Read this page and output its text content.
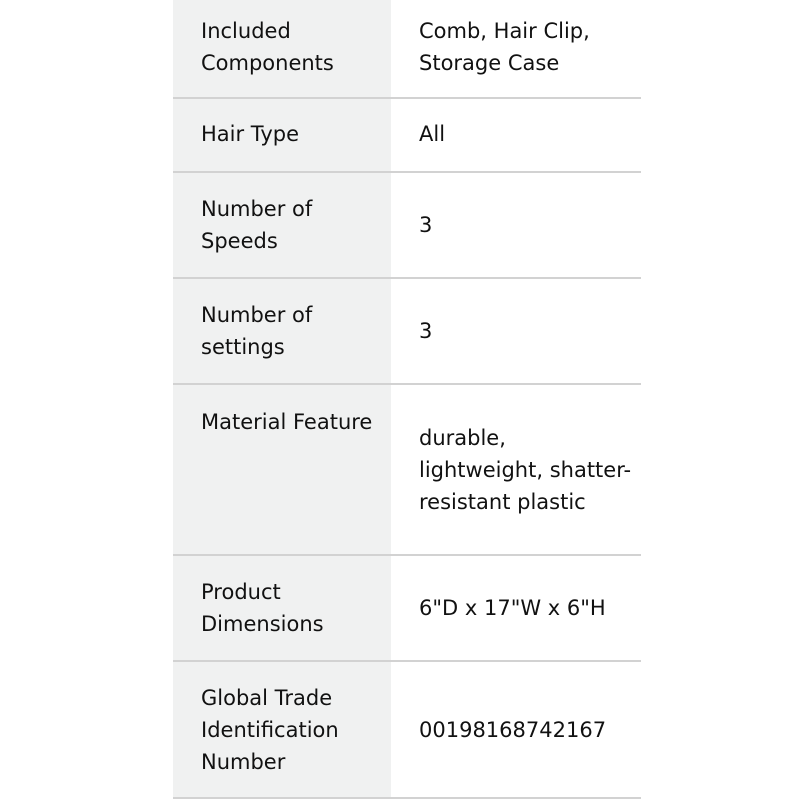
Included Components	Comb, Hair Clip, Storage Case

Hair Type	All

Number of Speeds	3

Number of settings	3

Material Feature	durable, lightweight, shatter-resistant plastic

Product Dimensions	6"D x 17"W x 6"H

Global Trade Identification Number	00198168742167
